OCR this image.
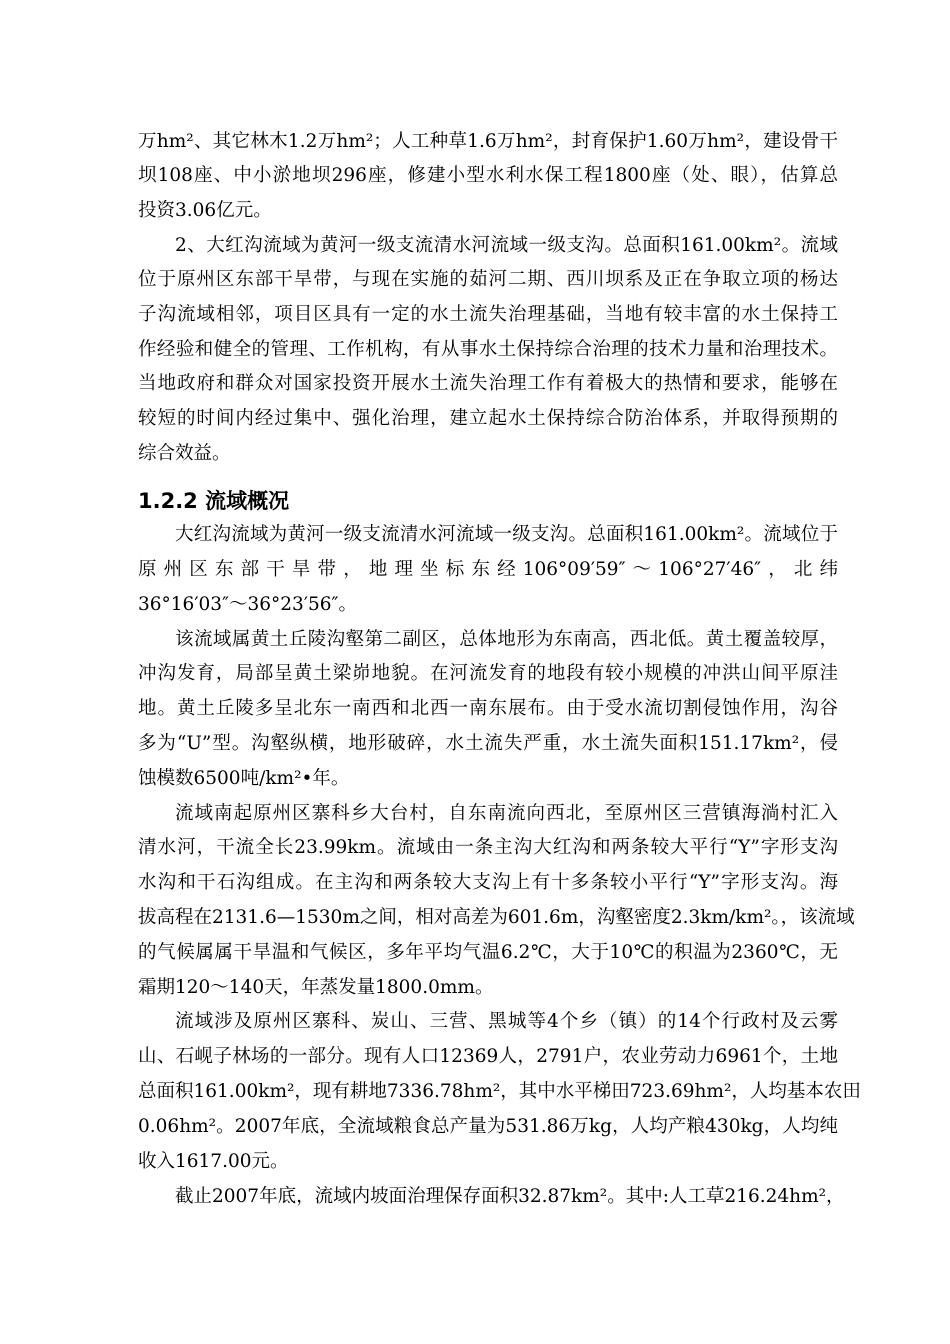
万hm²、其它林木1.2万hm²；人工种草1.6万hm²，封育保护1.60万hm²，建设骨干
坝108座、中小淤地坝296座，修建小型水利水保工程1800座（处、眼），估算总
投资3.06亿元。
2、大红沟流域为黄河一级支流清水河流域一级支沟。总面积161.00km²。流域
位于原州区东部干旱带，与现在实施的茹河二期、西川坝系及正在争取立项的杨达
子沟流域相邻，项目区具有一定的水土流失治理基础，当地有较丰富的水土保持工
作经验和健全的管理、工作机构，有从事水土保持综合治理的技术力量和治理技术。
当地政府和群众对国家投资开展水土流失治理工作有着极大的热情和要求，能够在
较短的时间内经过集中、强化治理，建立起水土保持综合防治体系，并取得预期的
综合效益。
1.2.2 流域概况
大红沟流域为黄河一级支流清水河流域一级支沟。总面积161.00km²。流域位于
原州区东部干旱带，地理坐标东经106°09′59″～106°27′46″，北纬
36°16′03″～36°23′56″。
该流域属黄土丘陵沟壑第二副区，总体地形为东南高，西北低。黄土覆盖较厚，
冲沟发育，局部呈黄土梁峁地貌。在河流发育的地段有较小规模的冲洪山间平原洼
地。黄土丘陵多呈北东一南西和北西一南东展布。由于受水流切割侵蚀作用，沟谷
多为“U”型。沟壑纵横，地形破碎，水土流失严重，水土流失面积151.17km²，侵
蚀模数6500吨/km²•年。
流域南起原州区寨科乡大台村，自东南流向西北，至原州区三营镇海淌村汇入
清水河，干流全长23.99km。流域由一条主沟大红沟和两条较大平行“Y”字形支沟
水沟和干石沟组成。在主沟和两条较大支沟上有十多条较小平行“Y”字形支沟。海
拔高程在2131.6—1530m之间，相对高差为601.6m，沟壑密度2.3km/km²。，该流域
的气候属属干旱温和气候区，多年平均气温6.2℃，大于10℃的积温为2360℃，无
霜期120～140天，年蒸发量1800.0mm。
流域涉及原州区寨科、炭山、三营、黑城等4个乡（镇）的14个行政村及云雾
山、石岘子林场的一部分。现有人口12369人，2791户，农业劳动力6961个，土地
总面积161.00km²，现有耕地7336.78hm²，其中水平梯田723.69hm²，人均基本农田
0.06hm²。2007年底，全流域粮食总产量为531.86万kg，人均产粮430kg，人均纯
收入1617.00元。
截止2007年底，流域内坡面治理保存面积32.87km²。其中:人工草216.24hm²，
